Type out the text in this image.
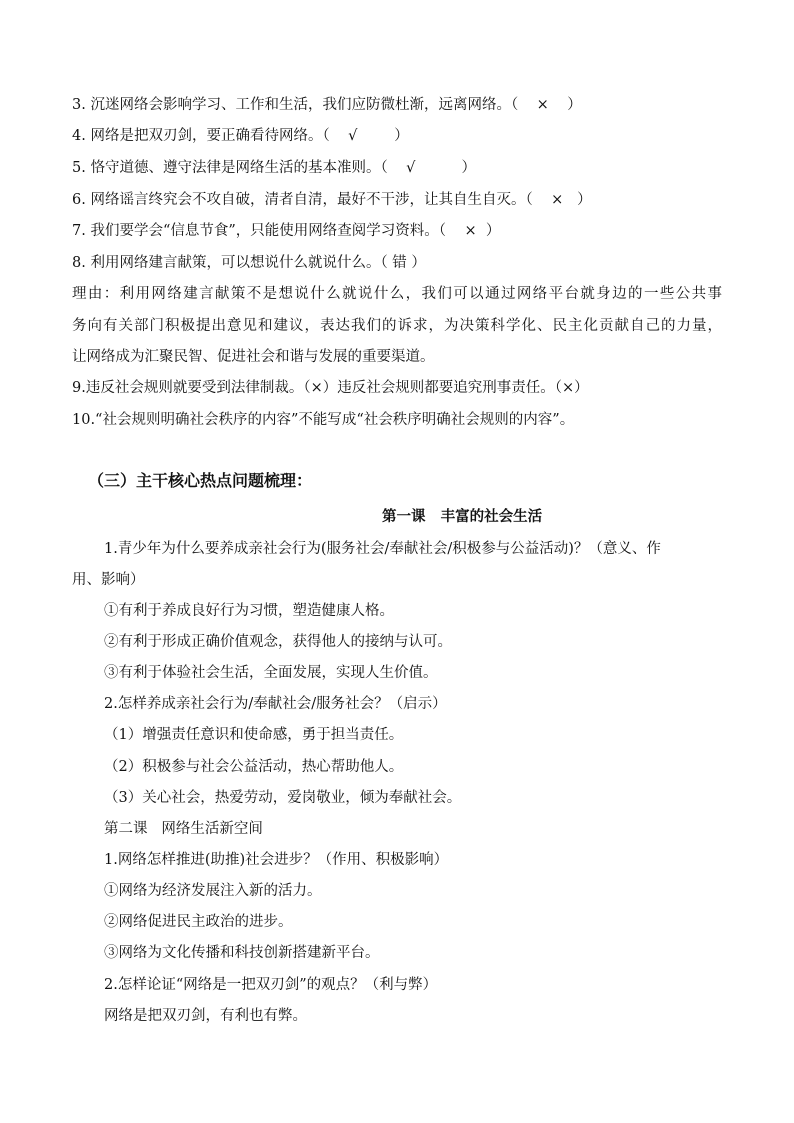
3. 沉迷网络会影响学习、工作和生活，我们应防微杜渐，远离网络。（    ×    ）
4. 网络是把双刃剑，要正确看待网络。（    √        ）
5. 恪守道德、遵守法律是网络生活的基本准则。（    √          ）
6. 网络谣言终究会不攻自破，清者自清，最好不干涉，让其自生自灭。（    ×   ）
7. 我们要学会“信息节食”，只能使用网络查阅学习资料。（    ×  ）
8. 利用网络建言献策，可以想说什么就说什么。（ 错 ）
理由：利用网络建言献策不是想说什么就说什么，我们可以通过网络平台就身边的一些公共事
务向有关部门积极提出意见和建议，表达我们的诉求，为决策科学化、民主化贡献自己的力量，
让网络成为汇聚民智、促进社会和谐与发展的重要渠道。
9.违反社会规则就要受到法律制裁。（×）违反社会规则都要追究刑事责任。（×）
10.“社会规则明确社会秩序的内容”不能写成“社会秩序明确社会规则的内容”。
（三）主干核心热点问题梳理：
第一课   丰富的社会生活
1.青少年为什么要养成亲社会行为(服务社会/奉献社会/积极参与公益活动)？（意义、作
用、影响）
①有利于养成良好行为习惯，塑造健康人格。
②有利于形成正确价值观念，获得他人的接纳与认可。
③有利于体验社会生活，全面发展，实现人生价值。
2.怎样养成亲社会行为/奉献社会/服务社会？（启示）
（1）增强责任意识和使命感，勇于担当责任。
（2）积极参与社会公益活动，热心帮助他人。
（3）关心社会，热爱劳动，爱岗敬业，倾为奉献社会。
第二课   网络生活新空间
1.网络怎样推进(助推)社会进步？（作用、积极影响）
①网络为经济发展注入新的活力。
②网络促进民主政治的进步。
③网络为文化传播和科技创新搭建新平台。
2.怎样论证“网络是一把双刃剑”的观点？（利与弊）
网络是把双刃剑，有利也有弊。
